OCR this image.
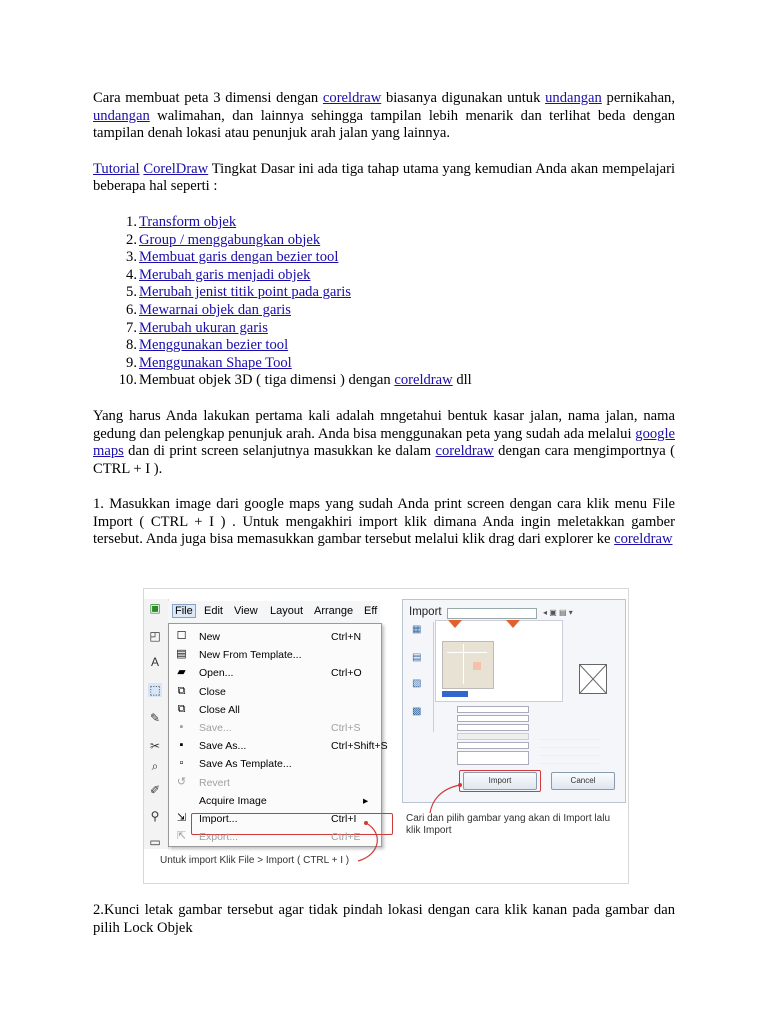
Cara membuat peta 3 dimensi dengan coreldraw biasanya digunakan untuk undangan pernikahan, undangan walimahan, dan lainnya sehingga tampilan lebih menarik dan terlihat beda dengan tampilan denah lokasi atau penunjuk arah jalan yang lainnya.

Tutorial CorelDraw Tingkat Dasar ini ada tiga tahap utama yang kemudian Anda akan mempelajari beberapa hal seperti :

1. Transform objek
2. Group / menggabungkan objek
3. Membuat garis dengan bezier tool
4. Merubah garis menjadi objek
5. Merubah jenist titik point pada garis
6. Mewarnai objek dan garis
7. Merubah ukuran garis
8. Menggunakan bezier tool
9. Menggunakan Shape Tool
10. Membuat objek 3D ( tiga dimensi ) dengan coreldraw dll

Yang harus Anda lakukan pertama kali adalah mngetahui bentuk kasar jalan, nama jalan, nama gedung dan pelengkap penunjuk arah. Anda bisa menggunakan peta yang sudah ada melalui google maps dan di print screen selanjutnya masukkan ke dalam coreldraw dengan cara mengimportnya ( CTRL + I ).

1. Masukkan image dari google maps yang sudah Anda print screen dengan cara klik menu File Import ( CTRL + I ) . Untuk mengakhiri import klik dimana Anda ingin meletakkan gamber tersebut. Anda juga bisa memasukkan gambar tersebut melalui klik drag dari explorer ke coreldraw

▣
◰
A
⬚
✎
✂
⌕
✐
⚲
▭
File Edit View Layout Arrange Eff
☐ New	Ctrl+N
▤ New From Template...
▰ Open...	Ctrl+O
⧉ Close
⧉ Close All
▪	Save...	Ctrl+S
▪	Save As...	Ctrl+Shift+S
▫	Save As Template...
↺ Revert
Acquire Image	▸
⇲ Import...	Ctrl+I
⇱ Export...	Ctrl+E
Untuk import Klik File > Import ( CTRL + I )
Import	◂ ▣ ▤ ▾
▦
▤
▧
▩
Import	Cancel
Cari dan pilih gambar yang akan di Import lalu klik Import

2.Kunci letak gambar tersebut agar tidak pindah lokasi dengan cara klik kanan pada gambar dan pilih Lock Objek
